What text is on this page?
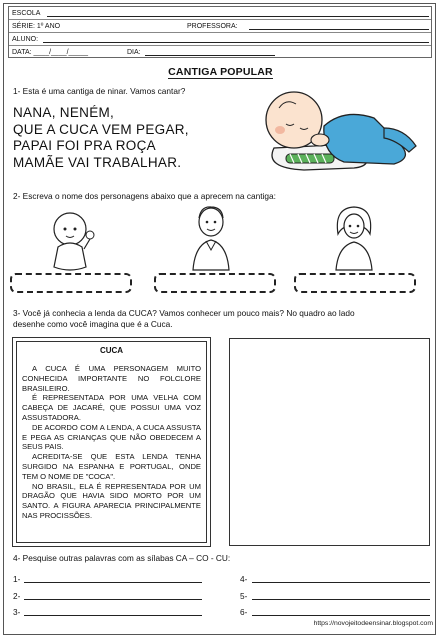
ESCOLA
SÉRIE: 1º ANO	PROFESSORA:
ALUNO:
DATA: ____/____/_____	DIA:
CANTIGA POPULAR
1- Esta é uma cantiga de ninar. Vamos cantar?
NANA, NENÉM,
QUE A CUCA VEM PEGAR,
PAPAI FOI PRA ROÇA
MAMÃE VAI TRABALHAR.
2- Escreva o nome dos personagens abaixo que a aprecem na cantiga:
3- Você já conhecia a lenda da CUCA? Vamos conhecer um pouco mais? No quadro ao lado
desenhe como você imagina que é a Cuca.
CUCA

A CUCA É UMA PERSONAGEM MUITO CONHECIDA IMPORTANTE NO FOLCLORE BRASILEIRO.

É REPRESENTADA POR UMA VELHA COM CABEÇA DE JACARÉ, QUE POSSUI UMA VOZ ASSUSTADORA.

DE ACORDO COM A LENDA, A CUCA ASSUSTA E PEGA AS CRIANÇAS QUE NÃO OBEDECEM A SEUS PAIS.

ACREDITA-SE QUE ESTA LENDA TENHA SURGIDO NA ESPANHA E PORTUGAL, ONDE TEM O NOME DE "COCA".

NO BRASIL, ELA É REPRESENTADA POR UM DRAGÃO QUE HAVIA SIDO MORTO POR UM SANTO. A FIGURA APARECIA PRINCIPALMENTE NAS PROCISSÕES.

4- Pesquise outras palavras com as sílabas CA – CO - CU:
1-
2-
3-
4-
5-
6-
https://novojeitodeensinar.blogspot.com
